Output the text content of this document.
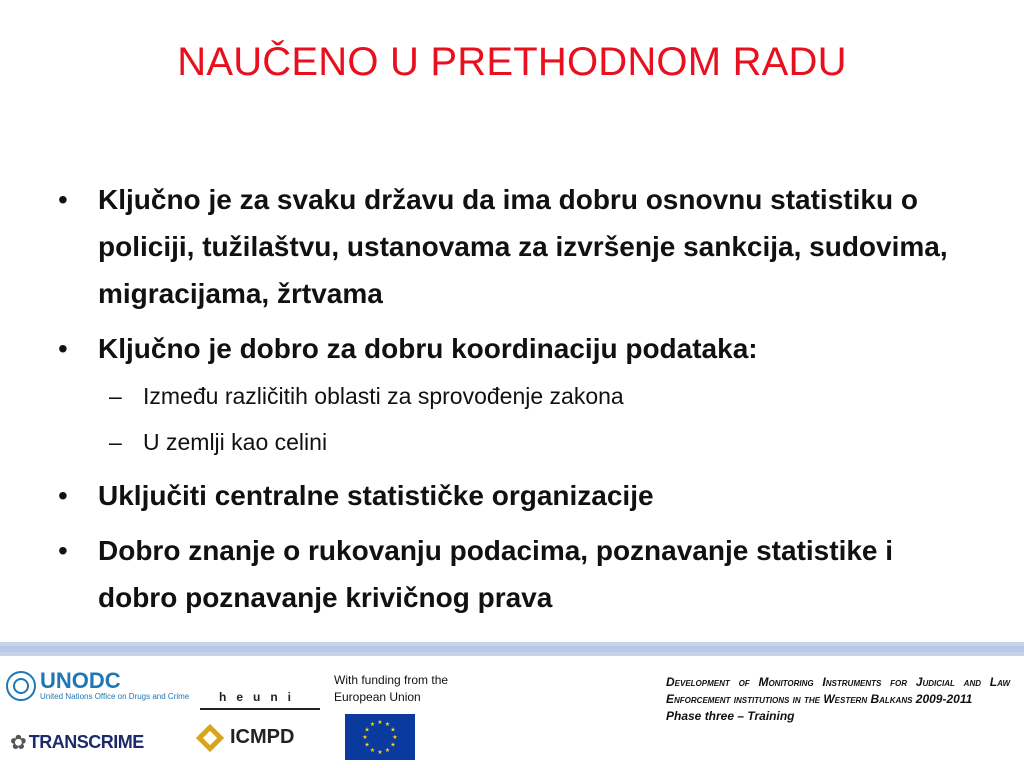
NAUČENO U PRETHODNOM RADU
• Ključno je za svaku državu da ima dobru osnovnu statistiku o policiji, tužilaštvu, ustanovama za izvršenje sankcija, sudovima, migracijama, žrtvama
• Ključno je dobro za dobru koordinaciju podataka:
– Između različitih oblasti za sprovođenje zakona
– U zemlji kao celini
• Uključiti centralne statističke organizacije
• Dobro znanje o rukovanju podacima, poznavanje statistike i dobro poznavanje krivičnog prava
UNODC
United Nations Office on Drugs and Crime	heuni
With funding from the
European Union
★ ★
★
★
★
★
★
★
★
★
★
★
✿ TRANSCRIME	ICMPD
Development of Monitoring Instruments for Judicial and Law Enforcement institutions in the Western Balkans 2009-2011
Phase three – Training
